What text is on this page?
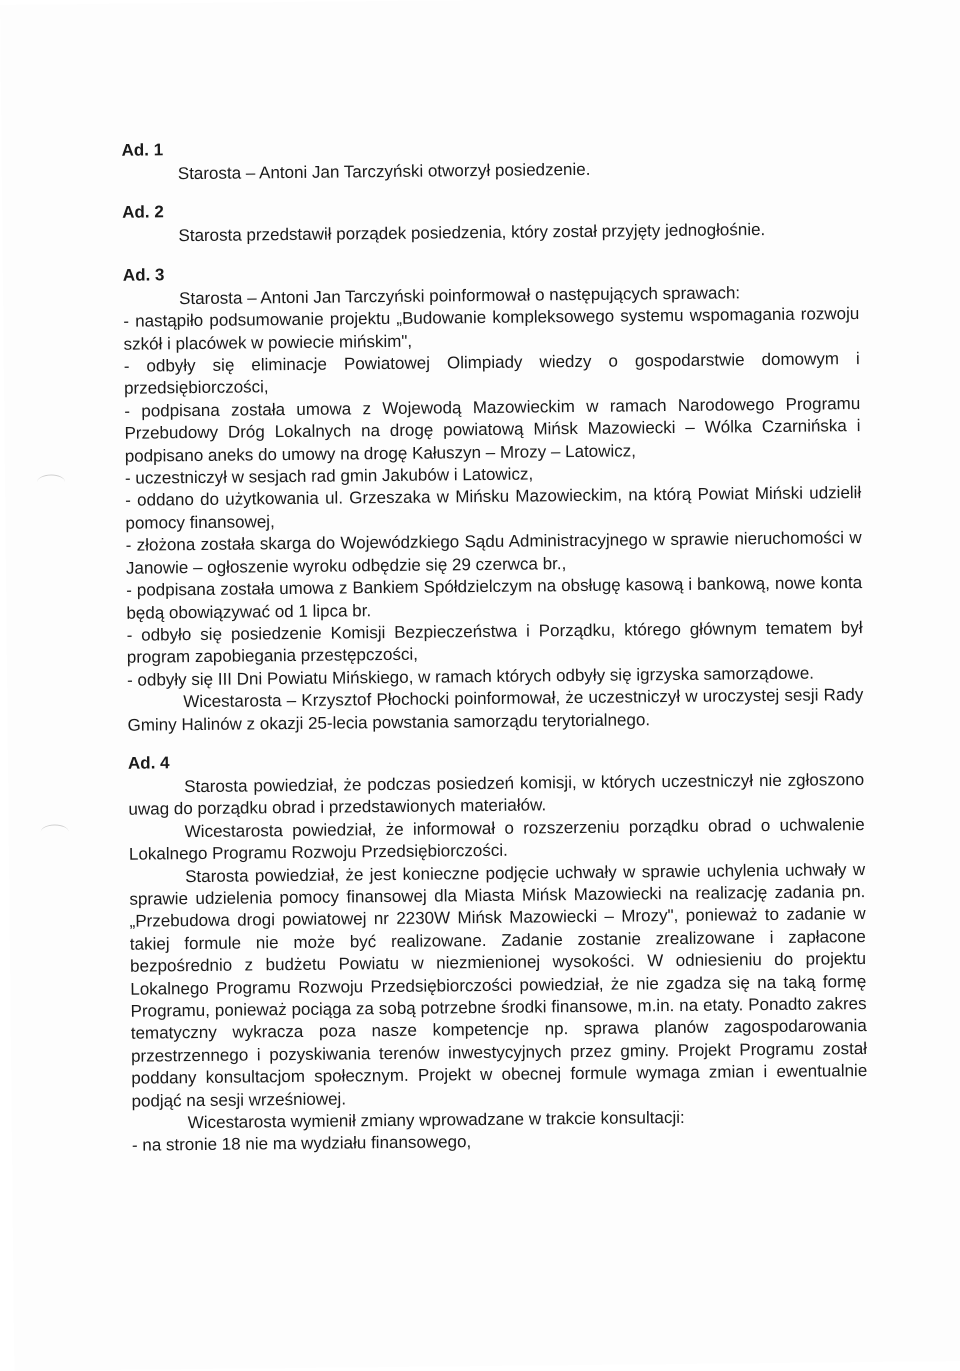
Ad. 1

Starosta – Antoni Jan Tarczyński otworzył posiedzenie.

Ad. 2

Starosta przedstawił porządek posiedzenia, który został przyjęty jednogłośnie.

Ad. 3

Starosta – Antoni Jan Tarczyński poinformował o następujących sprawach:

- nastąpiło podsumowanie projektu „Budowanie kompleksowego systemu wspomagania rozwoju szkół i placówek w powiecie mińskim",

- odbyły się eliminacje Powiatowej Olimpiady wiedzy o gospodarstwie domowym i przedsiębiorczości,

- podpisana została umowa z Wojewodą Mazowieckim w ramach Narodowego Programu Przebudowy Dróg Lokalnych na drogę powiatową Mińsk Mazowiecki – Wólka Czarnińska i podpisano aneks do umowy na drogę Kałuszyn – Mrozy – Latowicz,

- uczestniczył w sesjach rad gmin Jakubów i Latowicz,

- oddano do użytkowania ul. Grzeszaka w Mińsku Mazowieckim, na którą Powiat Miński udzielił pomocy finansowej,

- złożona została skarga do Wojewódzkiego Sądu Administracyjnego w sprawie nieruchomości w Janowie – ogłoszenie wyroku odbędzie się 29 czerwca br.,

- podpisana została umowa z Bankiem Spółdzielczym na obsługę kasową i bankową, nowe konta będą obowiązywać od 1 lipca br.

- odbyło się posiedzenie Komisji Bezpieczeństwa i Porządku, którego głównym tematem był program zapobiegania przestępczości,

- odbyły się III Dni Powiatu Mińskiego, w ramach których odbyły się igrzyska samorządowe.

Wicestarosta – Krzysztof Płochocki poinformował, że uczestniczył w uroczystej sesji Rady Gminy Halinów z okazji 25-lecia powstania samorządu terytorialnego.

Ad. 4

Starosta powiedział, że podczas posiedzeń komisji, w których uczestniczył nie zgłoszono uwag do porządku obrad i przedstawionych materiałów.

Wicestarosta powiedział, że informował o rozszerzeniu porządku obrad o uchwalenie Lokalnego Programu Rozwoju Przedsiębiorczości.

Starosta powiedział, że jest konieczne podjęcie uchwały w sprawie uchylenia uchwały w sprawie udzielenia pomocy finansowej dla Miasta Mińsk Mazowiecki na realizację zadania pn. „Przebudowa drogi powiatowej nr 2230W Mińsk Mazowiecki – Mrozy", ponieważ to zadanie w takiej formule nie może być realizowane. Zadanie zostanie zrealizowane i zapłacone bezpośrednio z budżetu Powiatu w niezmienionej wysokości. W odniesieniu do projektu Lokalnego Programu Rozwoju Przedsiębiorczości powiedział, że nie zgadza się na taką formę Programu, ponieważ pociąga za sobą potrzebne środki finansowe, m.in. na etaty. Ponadto zakres tematyczny wykracza poza nasze kompetencje np. sprawa planów zagospodarowania przestrzennego i pozyskiwania terenów inwestycyjnych przez gminy. Projekt Programu został poddany konsultacjom społecznym. Projekt w obecnej formule wymaga zmian i ewentualnie podjąć na sesji wrześniowej.

Wicestarosta wymienił zmiany wprowadzane w trakcie konsultacji:

- na stronie 18 nie ma wydziału finansowego,
